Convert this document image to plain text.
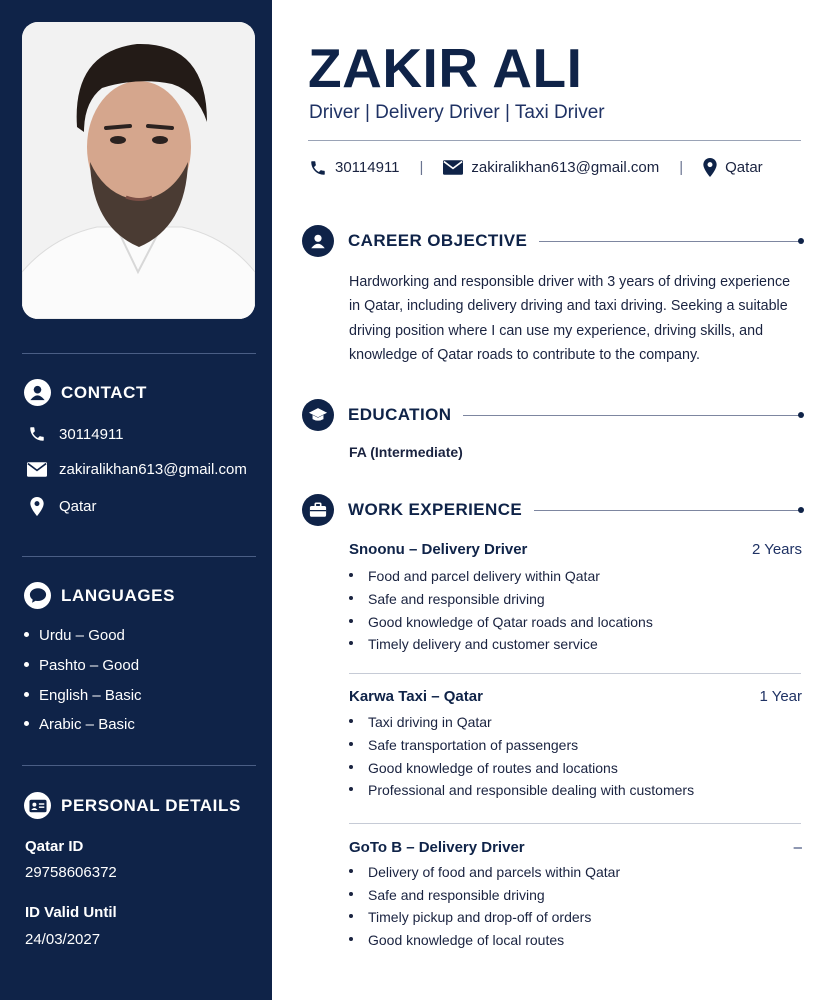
CONTACT
30114911
zakiralikhan613@gmail.com
Qatar
LANGUAGES
Urdu – Good
Pashto – Good
English – Basic
Arabic – Basic
PERSONAL DETAILS
Qatar ID
29758606372
ID Valid Until
24/03/2027
ZAKIR ALI
Driver | Delivery Driver | Taxi Driver
30114911 |	zakiralikhan613@gmail.com |	Qatar
CAREER OBJECTIVE
Hardworking and responsible driver with 3 years of driving experience
in Qatar, including delivery driving and taxi driving. Seeking a suitable
driving position where I can use my experience, driving skills, and
knowledge of Qatar roads to contribute to the company.
EDUCATION
FA (Intermediate)
WORK EXPERIENCE
Snoonu – Delivery Driver	2 Years
Food and parcel delivery within Qatar
Safe and responsible driving
Good knowledge of Qatar roads and locations
Timely delivery and customer service
Karwa Taxi – Qatar	1 Year
Taxi driving in Qatar
Safe transportation of passengers
Good knowledge of routes and locations
Professional and responsible dealing with customers
GoTo B – Delivery Driver	–
Delivery of food and parcels within Qatar
Safe and responsible driving
Timely pickup and drop-off of orders
Good knowledge of local routes
